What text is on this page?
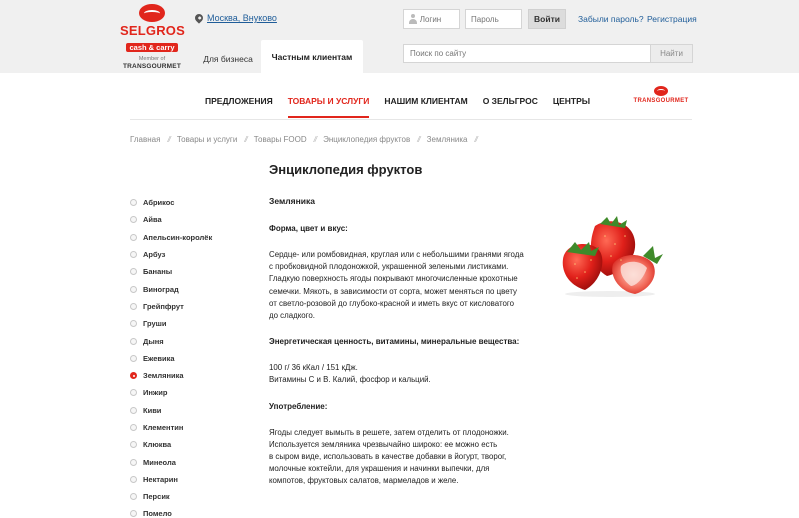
SELGROS
cash & carry
Member of
TRANSGOURMET
Москва, Внуково
Логин	Войти	Забыли пароль? Регистрация
Для бизнеса	Частным клиентам
Поиск по сайту	Найти
ПРЕДЛОЖЕНИЯ ТОВАРЫ И УСЛУГИ НАШИМ КЛИЕНТАМ О ЗЕЛЬГРОС ЦЕНТРЫ	TRANSGOURMET
Главная // Товары и услуги // Товары FOOD // Энциклопедия фруктов // Земляника //
Энциклопедия фруктов
Абрикос
Айва
Апельсин-королёк
Арбуз
Бананы
Виноград
Грейпфрут
Груши
Дыня
Ежевика
Земляника
Инжир
Киви
Клементин
Клюква
Минеола
Нектарин
Персик
Помело
Земляника
Форма, цвет и вкус:

Сердце- или ромбовидная, круглая или с небольшими гранями ягода
с пробковидной плодоножкой, украшенной зелеными листиками.
Гладкую поверхность ягоды покрывают многочисленные крохотные
семечки. Мякоть, в зависимости от сорта, может меняться по цвету
от светло-розовой до глубоко-красной и иметь вкус от кисловатого
до сладкого.

Энергетическая ценность, витамины, минеральные вещества:

100 г/ 36 кКал / 151 кДж.
Витамины С и В. Калий, фосфор и кальций.

Употребление:

Ягоды следует вымыть в решете, затем отделить от плодоножки.
Используется земляника чрезвычайно широко: ее можно есть
в сыром виде, использовать в качестве добавки в йогурт, творог,
молочные коктейли, для украшения и начинки выпечки, для
компотов, фруктовых салатов, мармеладов и желе.
